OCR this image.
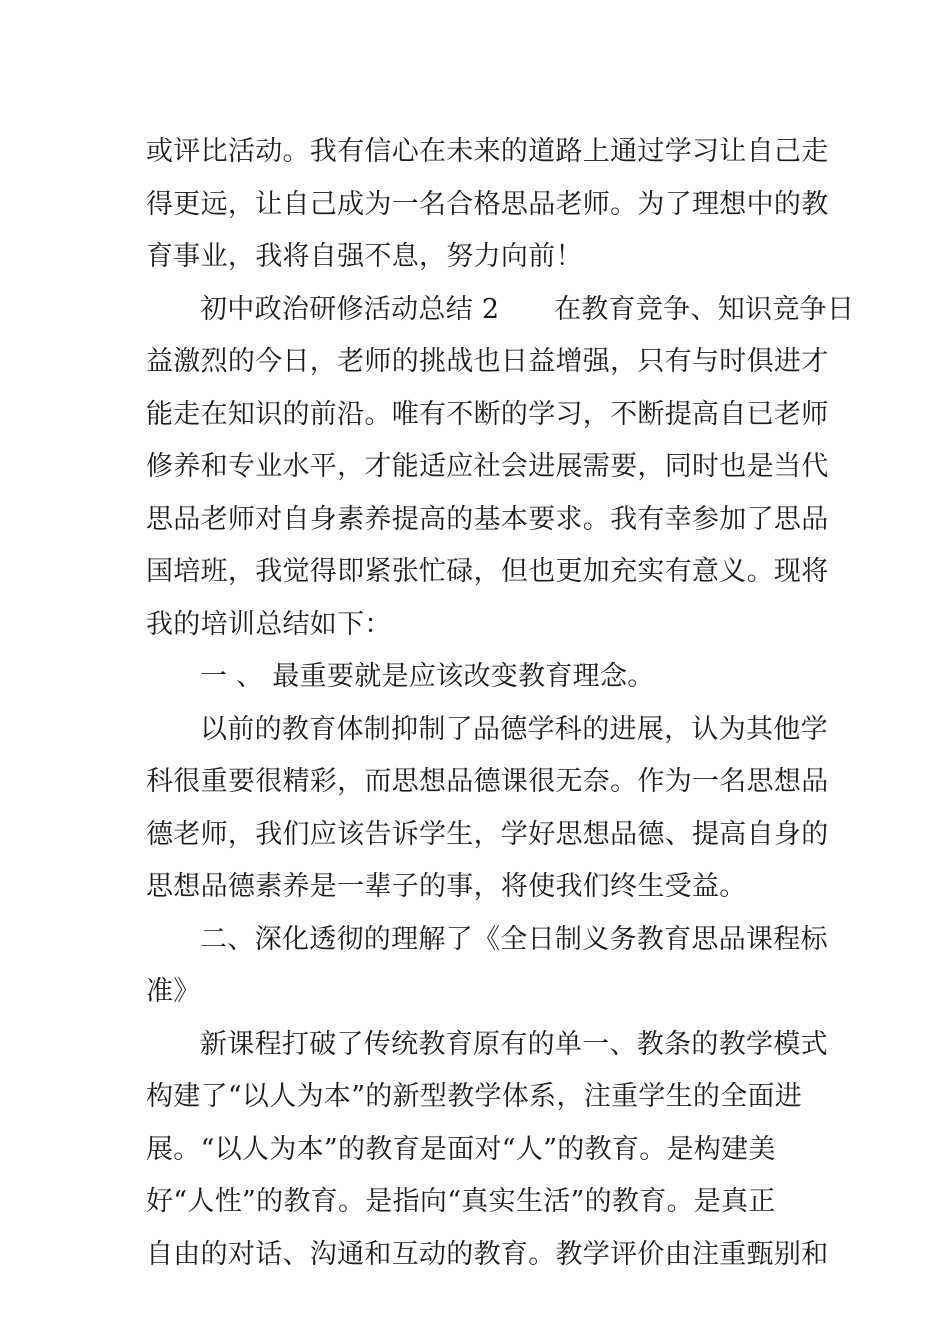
或评比活动。我有信心在未来的道路上通过学习让自己走
得更远，让自己成为一名合格思品老师。为了理想中的教
育事业，我将自强不息，努力向前！
初中政治研修活动总结 2　　在教育竞争、知识竞争日
益激烈的今日，老师的挑战也日益增强，只有与时俱进才
能走在知识的前沿。唯有不断的学习，不断提高自已老师
修养和专业水平，才能适应社会进展需要，同时也是当代
思品老师对自身素养提高的基本要求。我有幸参加了思品
国培班，我觉得即紧张忙碌，但也更加充实有意义。现将
我的培训总结如下：
一 、 最重要就是应该改变教育理念。
以前的教育体制抑制了品德学科的进展，认为其他学
科很重要很精彩，而思想品德课很无奈。作为一名思想品
德老师，我们应该告诉学生，学好思想品德、提高自身的
思想品德素养是一辈子的事，将使我们终生受益。
二、深化透彻的理解了《全日制义务教育思品课程标
准》
新课程打破了传统教育原有的单一、教条的教学模式
构建了“以人为本”的新型教学体系，注重学生的全面进
展。“以人为本”的教育是面对“人”的教育。是构建美
好“人性”的教育。是指向“真实生活”的教育。是真正
自由的对话、沟通和互动的教育。教学评价由注重甄别和
